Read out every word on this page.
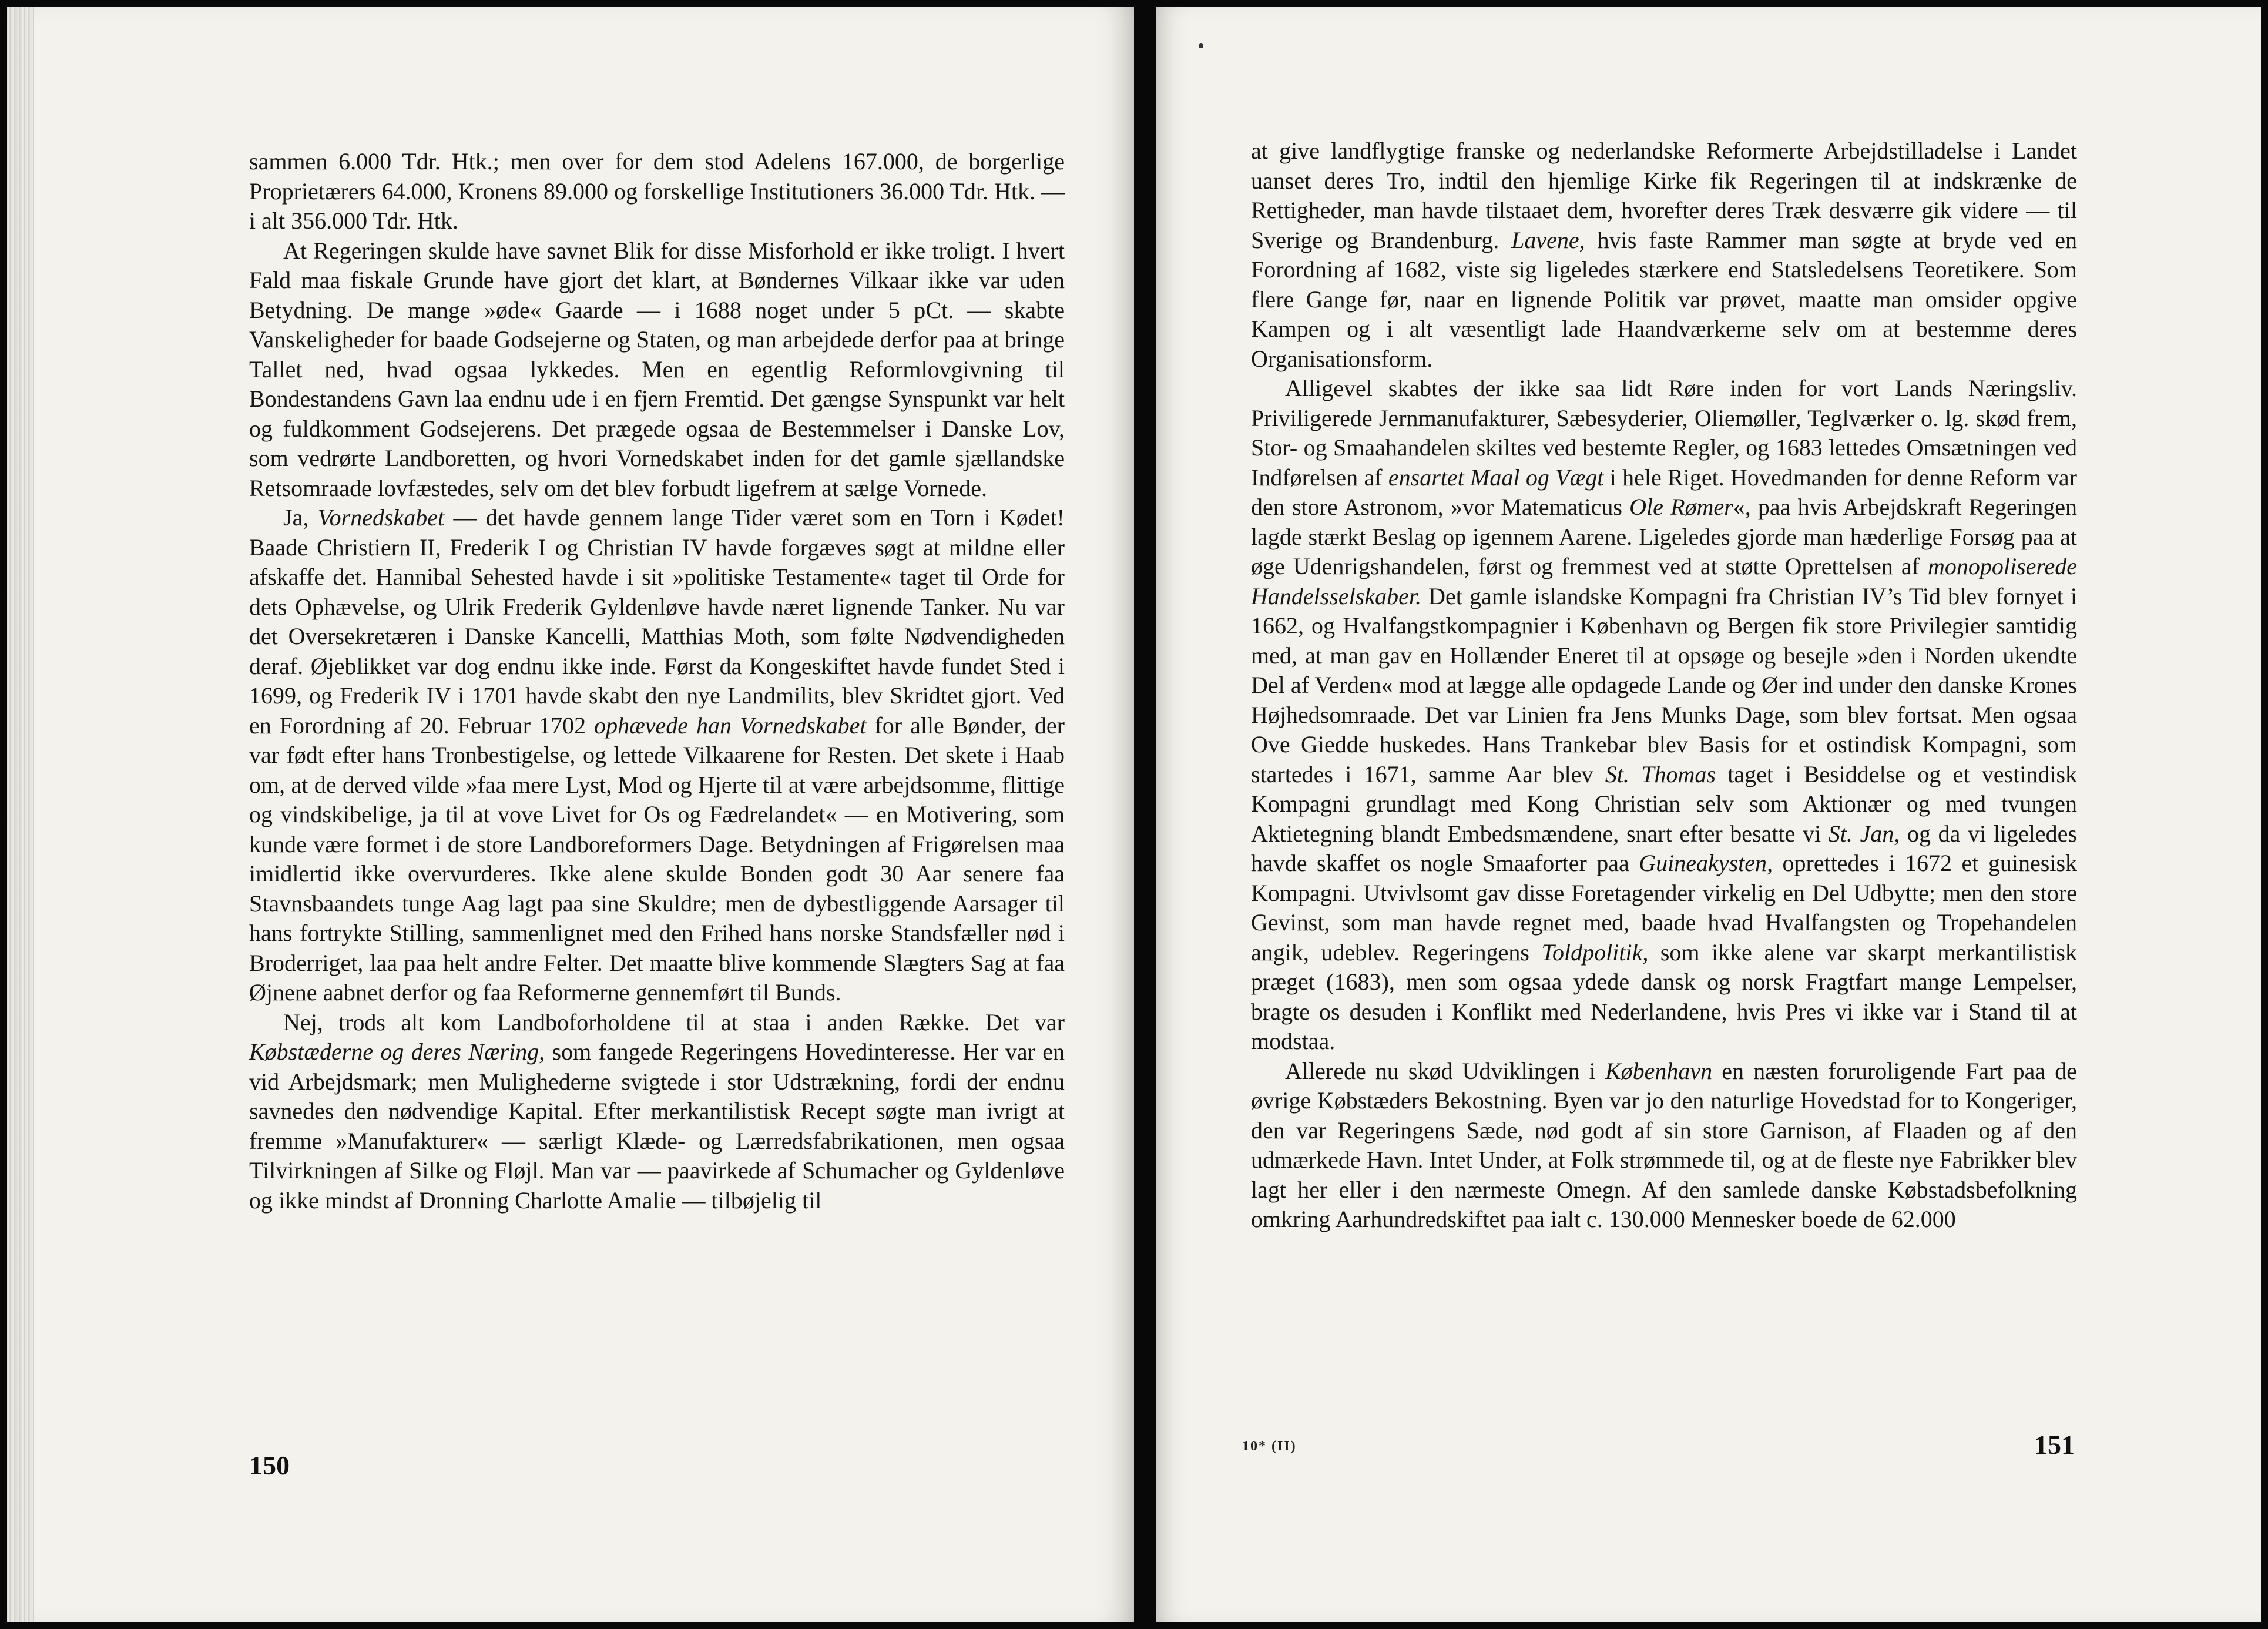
sammen 6.000 Tdr. Htk.; men over for dem stod Adelens 167.000, de borgerlige Proprietærers 64.000, Kronens 89.000 og forskellige Institutioners 36.000 Tdr. Htk. — i alt 356.000 Tdr. Htk.

At Regeringen skulde have savnet Blik for disse Misforhold er ikke troligt. I hvert Fald maa fiskale Grunde have gjort det klart, at Bøndernes Vilkaar ikke var uden Betydning. De mange »øde« Gaarde — i 1688 noget under 5 pCt. — skabte Vanskeligheder for baade Godsejerne og Staten, og man arbejdede derfor paa at bringe Tallet ned, hvad ogsaa lykkedes. Men en egentlig Reformlovgivning til Bondestandens Gavn laa endnu ude i en fjern Fremtid. Det gængse Synspunkt var helt og fuldkomment Godsejerens. Det prægede ogsaa de Bestemmelser i Danske Lov, som vedrørte Landboretten, og hvori Vornedskabet inden for det gamle sjællandske Retsomraade lovfæstedes, selv om det blev forbudt ligefrem at sælge Vornede.

Ja, Vornedskabet — det havde gennem lange Tider været som en Torn i Kødet! Baade Christiern II, Frederik I og Christian IV havde forgæves søgt at mildne eller afskaffe det. Hannibal Sehested havde i sit »politiske Testamente« taget til Orde for dets Ophævelse, og Ulrik Frederik Gyldenløve havde næret lignende Tanker. Nu var det Oversekretæren i Danske Kancelli, Matthias Moth, som følte Nødvendigheden deraf. Øjeblikket var dog endnu ikke inde. Først da Kongeskiftet havde fundet Sted i 1699, og Frederik IV i 1701 havde skabt den nye Landmilits, blev Skridtet gjort. Ved en Forordning af 20. Februar 1702 ophævede han Vornedskabet for alle Bønder, der var født efter hans Tronbestigelse, og lettede Vilkaarene for Resten. Det skete i Haab om, at de derved vilde »faa mere Lyst, Mod og Hjerte til at være arbejdsomme, flittige og vindskibelige, ja til at vove Livet for Os og Fædrelandet« — en Motivering, som kunde være formet i de store Landboreformers Dage. Betydningen af Frigørelsen maa imidlertid ikke overvurderes. Ikke alene skulde Bonden godt 30 Aar senere faa Stavnsbaandets tunge Aag lagt paa sine Skuldre; men de dybestliggende Aarsager til hans fortrykte Stilling, sammenlignet med den Frihed hans norske Standsfæller nød i Broderriget, laa paa helt andre Felter. Det maatte blive kommende Slægters Sag at faa Øjnene aabnet derfor og faa Reformerne gennemført til Bunds.

Nej, trods alt kom Landboforholdene til at staa i anden Række. Det var Købstæderne og deres Næring, som fangede Regeringens Hovedinteresse. Her var en vid Arbejdsmark; men Mulighederne svigtede i stor Udstrækning, fordi der endnu savnedes den nødvendige Kapital. Efter merkantilistisk Recept søgte man ivrigt at fremme »Manufakturer« — særligt Klæde- og Lærredsfabrikationen, men ogsaa Tilvirkningen af Silke og Fløjl. Man var — paavirkede af Schumacher og Gyldenløve og ikke mindst af Dronning Charlotte Amalie — tilbøjelig til

150

at give landflygtige franske og nederlandske Reformerte Arbejdstilladelse i Landet uanset deres Tro, indtil den hjemlige Kirke fik Regeringen til at indskrænke de Rettigheder, man havde tilstaaet dem, hvorefter deres Træk desværre gik videre — til Sverige og Brandenburg. Lavene, hvis faste Rammer man søgte at bryde ved en Forordning af 1682, viste sig ligeledes stærkere end Statsledelsens Teoretikere. Som flere Gange før, naar en lignende Politik var prøvet, maatte man omsider opgive Kampen og i alt væsentligt lade Haandværkerne selv om at bestemme deres Organisationsform.

Alligevel skabtes der ikke saa lidt Røre inden for vort Lands Næringsliv. Priviligerede Jernmanufakturer, Sæbesyderier, Oliemøller, Teglværker o. lg. skød frem, Stor- og Smaahandelen skiltes ved bestemte Regler, og 1683 lettedes Omsætningen ved Indførelsen af ensartet Maal og Vægt i hele Riget. Hovedmanden for denne Reform var den store Astronom, »vor Matematicus Ole Rømer«, paa hvis Arbejdskraft Regeringen lagde stærkt Beslag op igennem Aarene. Ligeledes gjorde man hæderlige Forsøg paa at øge Udenrigshandelen, først og fremmest ved at støtte Oprettelsen af monopoliserede Handelsselskaber. Det gamle islandske Kompagni fra Christian IV’s Tid blev fornyet i 1662, og Hvalfangstkompagnier i København og Bergen fik store Privilegier samtidig med, at man gav en Hollænder Eneret til at opsøge og besejle »den i Norden ukendte Del af Verden« mod at lægge alle opdagede Lande og Øer ind under den danske Krones Højhedsomraade. Det var Linien fra Jens Munks Dage, som blev fortsat. Men ogsaa Ove Giedde huskedes. Hans Trankebar blev Basis for et ostindisk Kompagni, som startedes i 1671, samme Aar blev St. Thomas taget i Besiddelse og et vestindisk Kompagni grundlagt med Kong Christian selv som Aktionær og med tvungen Aktietegning blandt Embedsmændene, snart efter besatte vi St. Jan, og da vi ligeledes havde skaffet os nogle Smaaforter paa Guineakysten, oprettedes i 1672 et guinesisk Kompagni. Utvivlsomt gav disse Foretagender virkelig en Del Udbytte; men den store Gevinst, som man havde regnet med, baade hvad Hvalfangsten og Tropehandelen angik, udeblev. Regeringens Toldpolitik, som ikke alene var skarpt merkantilistisk præget (1683), men som ogsaa ydede dansk og norsk Fragtfart mange Lempelser, bragte os desuden i Konflikt med Nederlandene, hvis Pres vi ikke var i Stand til at modstaa.

Allerede nu skød Udviklingen i København en næsten foruroligende Fart paa de øvrige Købstæders Bekostning. Byen var jo den naturlige Hovedstad for to Kongeriger, den var Regeringens Sæde, nød godt af sin store Garnison, af Flaaden og af den udmærkede Havn. Intet Under, at Folk strømmede til, og at de fleste nye Fabrikker blev lagt her eller i den nærmeste Omegn. Af den samlede danske Købstadsbefolkning omkring Aarhundredskiftet paa ialt c. 130.000 Mennesker boede de 62.000

10* (II)	151
